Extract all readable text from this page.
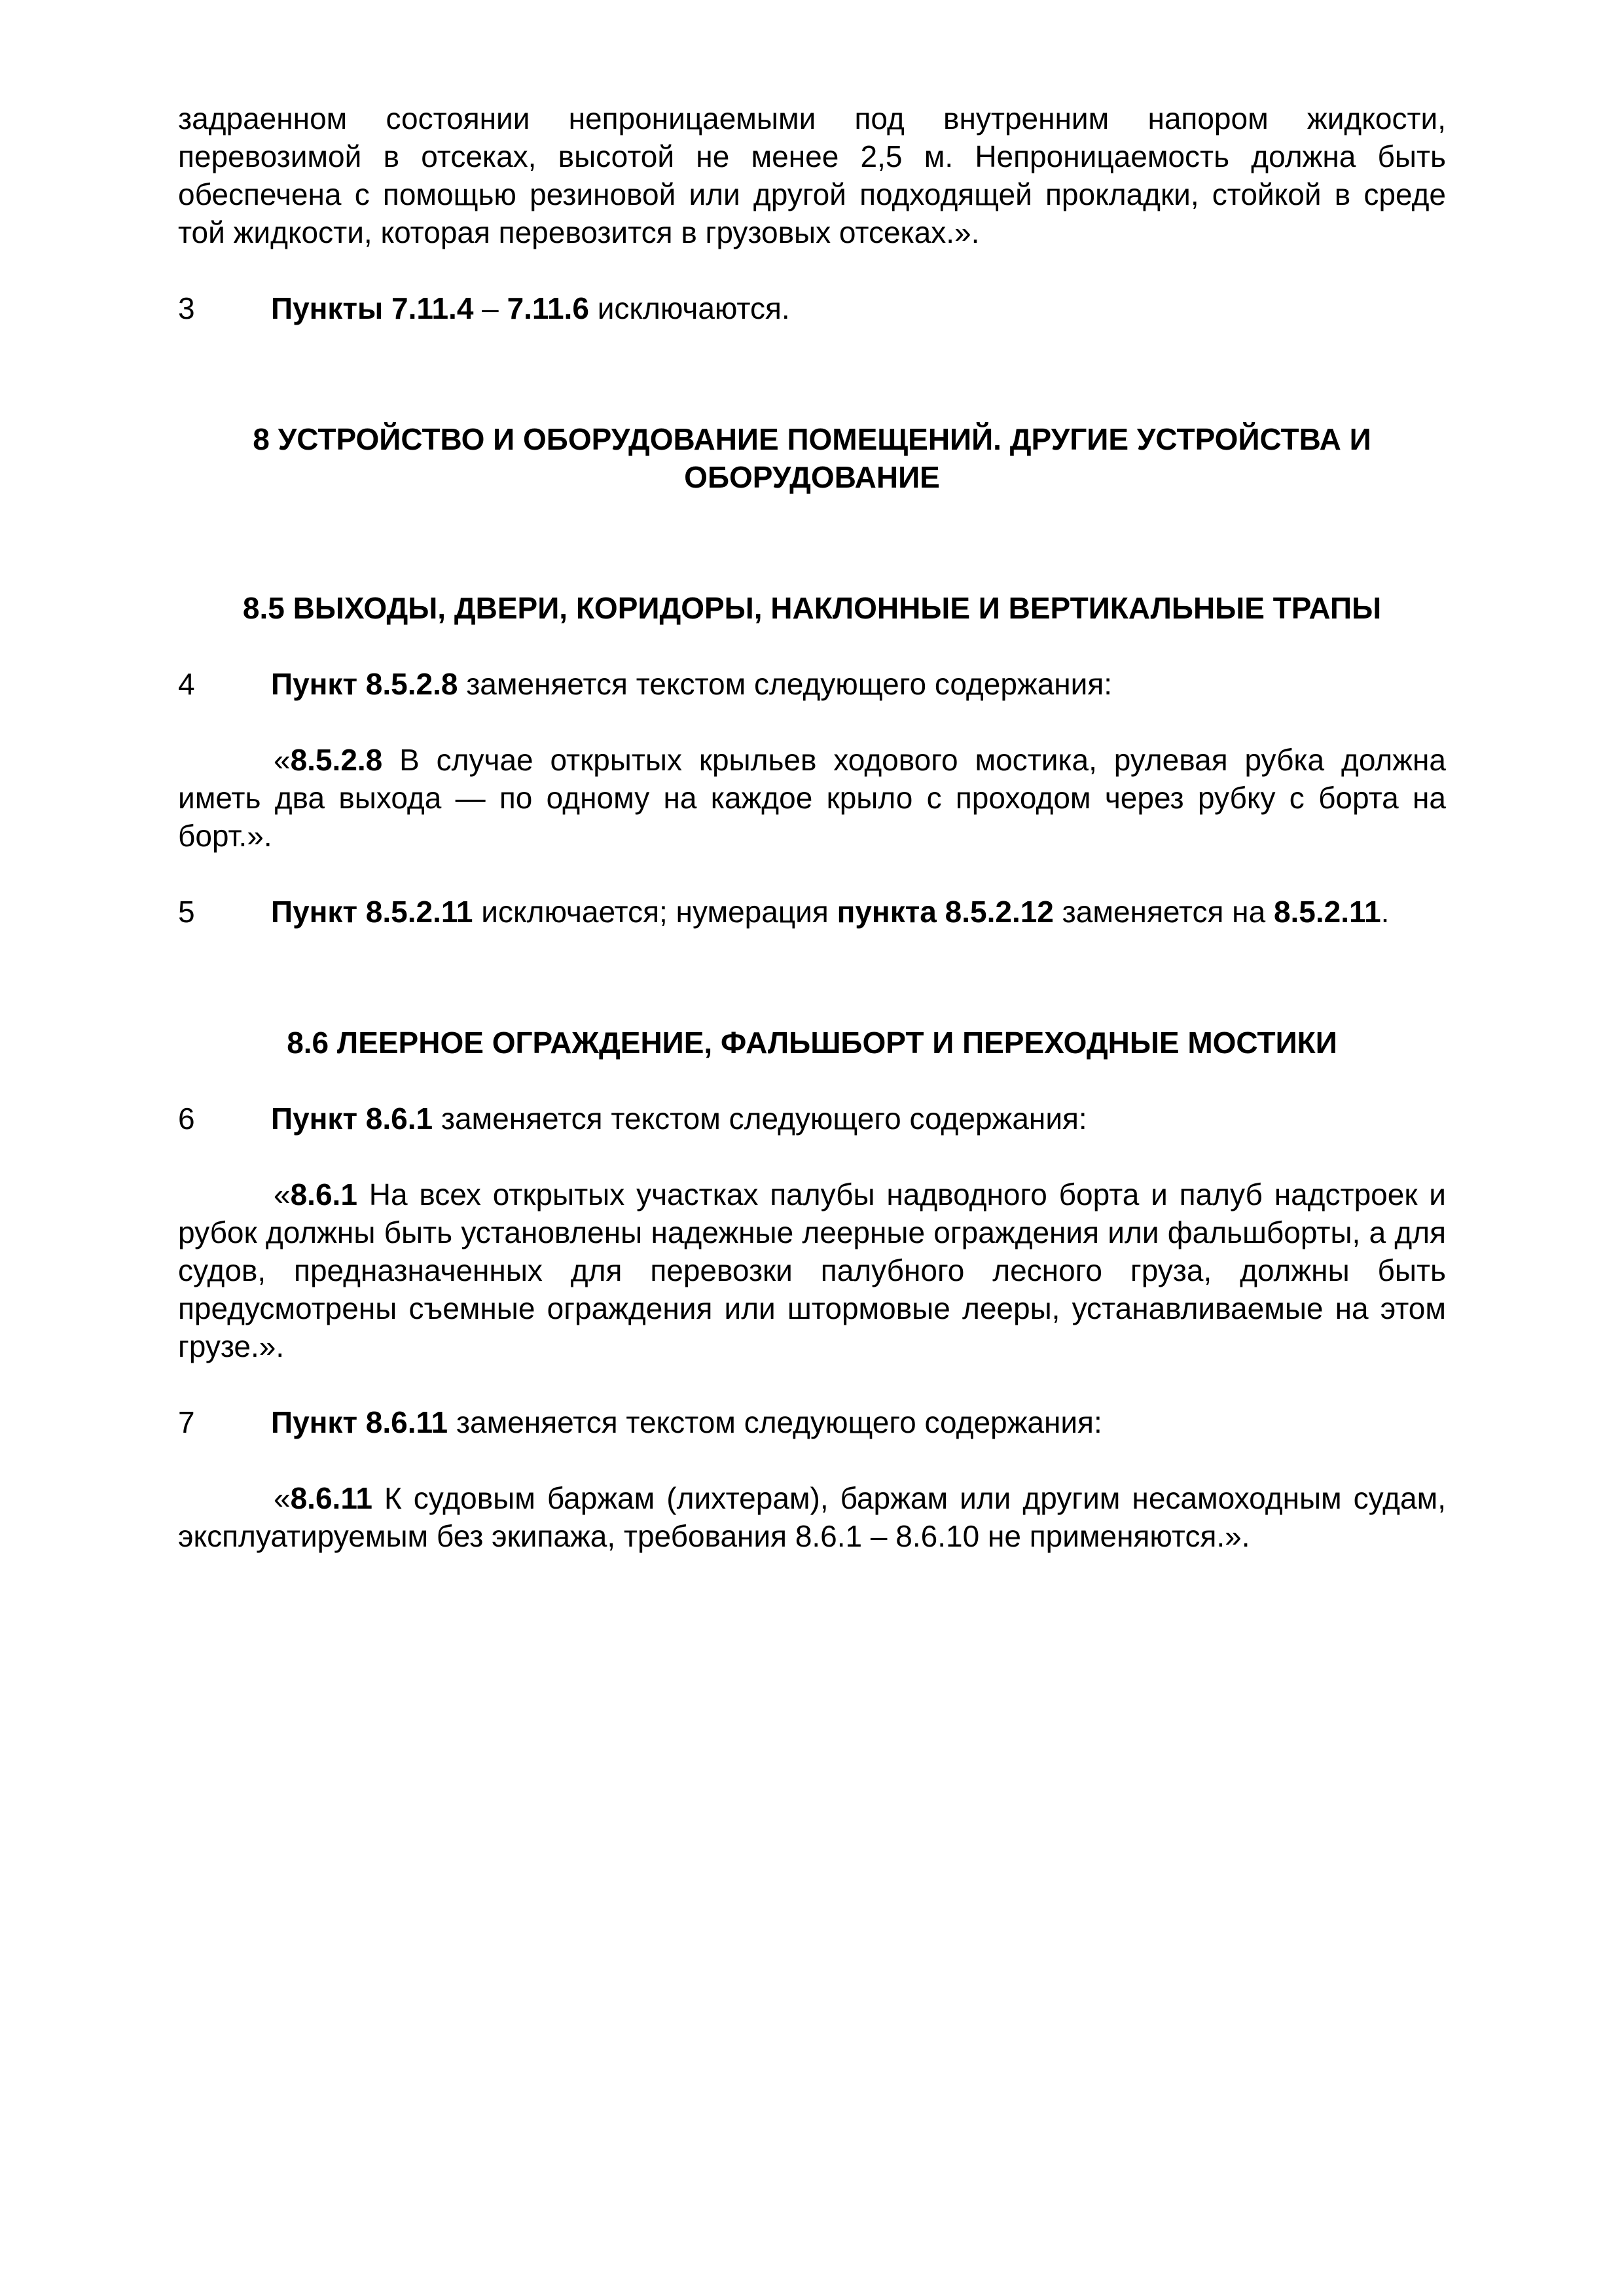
задраенном состоянии непроницаемыми под внутренним напором жидкости, перевозимой в отсеках, высотой не менее 2,5 м. Непроницаемость должна быть обеспечена с помощью резиновой или другой подходящей прокладки, стойкой в среде той жидкости, которая перевозится в грузовых отсеках.».

3	Пункты 7.11.4 – 7.11.6 исключаются.

8 УСТРОЙСТВО И ОБОРУДОВАНИЕ ПОМЕЩЕНИЙ. ДРУГИЕ УСТРОЙСТВА И

ОБОРУДОВАНИЕ

8.5 ВЫХОДЫ, ДВЕРИ, КОРИДОРЫ, НАКЛОННЫЕ И ВЕРТИКАЛЬНЫЕ ТРАПЫ

4	Пункт 8.5.2.8 заменяется текстом следующего содержания:

«8.5.2.8 В случае открытых крыльев ходового мостика, рулевая рубка должна иметь два выхода — по одному на каждое крыло с проходом через рубку с борта на борт.».

5	Пункт 8.5.2.11 исключается; нумерация пункта 8.5.2.12 заменяется на 8.5.2.11.

8.6 ЛЕЕРНОЕ ОГРАЖДЕНИЕ, ФАЛЬШБОРТ И ПЕРЕХОДНЫЕ МОСТИКИ

6	Пункт 8.6.1 заменяется текстом следующего содержания:

«8.6.1 На всех открытых участках палубы надводного борта и палуб надстроек и рубок должны быть установлены надежные леерные ограждения или фальшборты, а для судов, предназначенных для перевозки палубного лесного груза, должны быть предусмотрены съемные ограждения или штормовые лееры, устанавливаемые на этом грузе.».

7	Пункт 8.6.11 заменяется текстом следующего содержания:

«8.6.11 К судовым баржам (лихтерам), баржам или другим несамоходным судам, эксплуатируемым без экипажа, требования 8.6.1 – 8.6.10 не применяются.».
